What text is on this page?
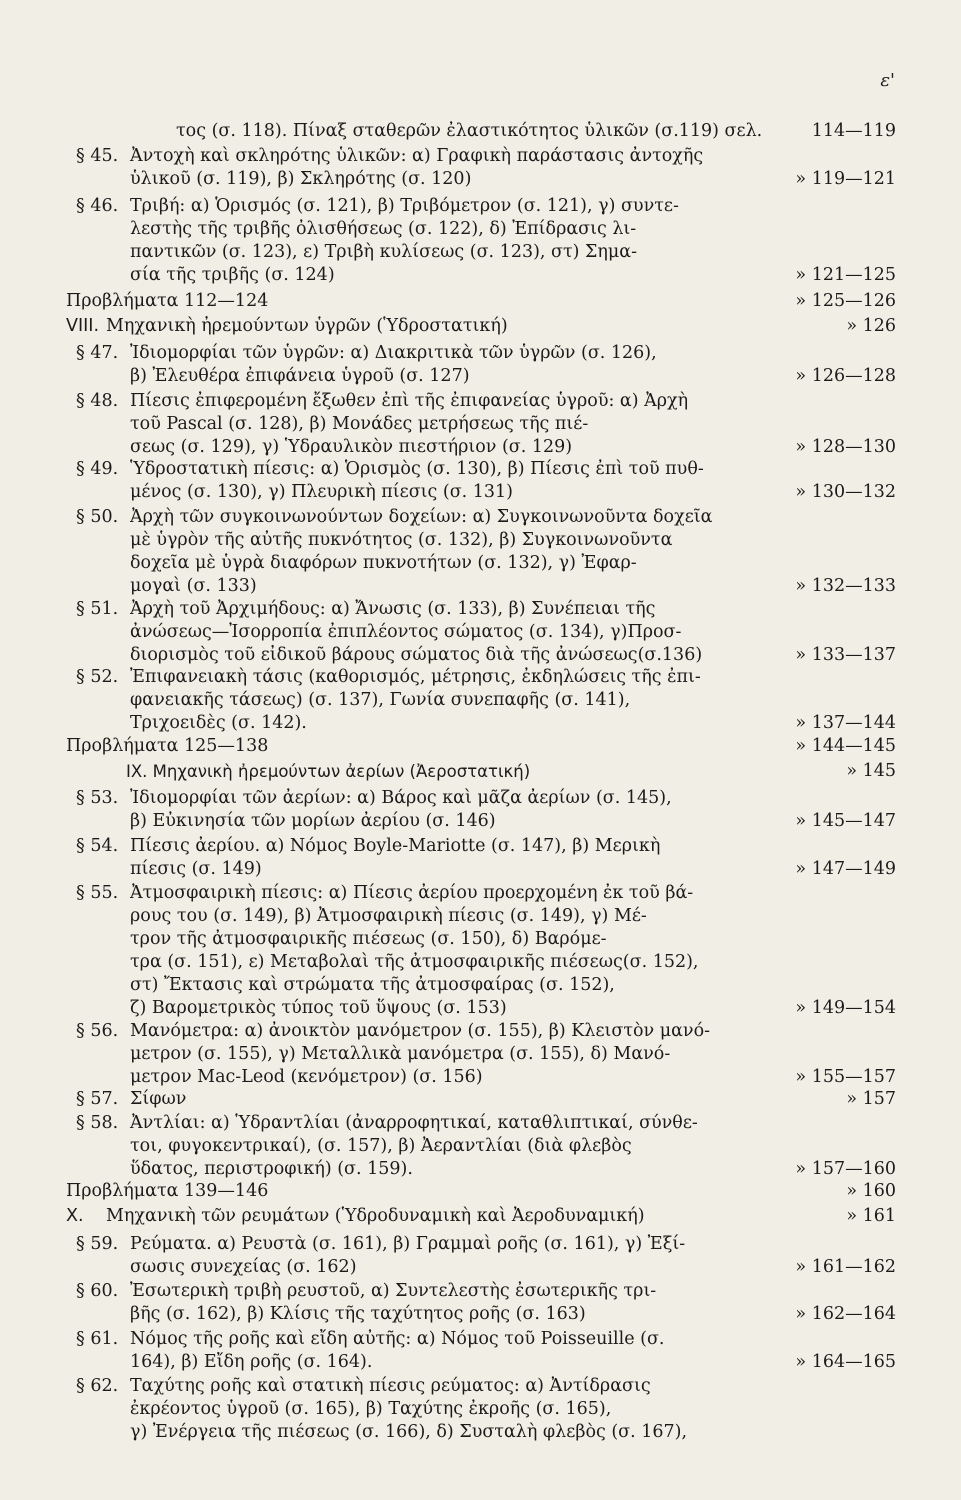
ε'
τος (σ. 118). Πίναξ σταθερῶν ἐλαστικότητος ὑλικῶν (σ.119) σελ.	114—119
§ 45. Ἀντοχὴ καὶ σκληρότης ὑλικῶν: α) Γραφικὴ παράστασις ἀντοχῆς
ὑλικοῦ (σ. 119), β) Σκληρότης (σ. 120)	» 119—121
§ 46. Τριβή: α) Ὁρισμός (σ. 121), β) Τριβόμετρον (σ. 121), γ) συντε-
λεστὴς τῆς τριβῆς ὀλισθήσεως (σ. 122), δ) Ἐπίδρασις λι-
παντικῶν (σ. 123), ε) Τριβὴ κυλίσεως (σ. 123), στ) Σημα-
σία τῆς τριβῆς (σ. 124)	» 121—125
Προβλήματα 112—124	» 125—126
VIII. Μηχανικὴ ἠρεμούντων ὑγρῶν (Ὑδροστατική)	» 126
§ 47. Ἰδιομορφίαι τῶν ὑγρῶν: α) Διακριτικὰ τῶν ὑγρῶν (σ. 126),
β) Ἐλευθέρα ἐπιφάνεια ὑγροῦ (σ. 127)	» 126—128
§ 48. Πίεσις ἐπιφερομένη ἔξωθεν ἐπὶ τῆς ἐπιφανείας ὑγροῦ: α) Ἀρχὴ
τοῦ Pascal (σ. 128), β) Μονάδες μετρήσεως τῆς πιέ-
σεως (σ. 129), γ) Ὑδραυλικὸν πιεστήριον (σ. 129)	» 128—130
§ 49. Ὑδροστατικὴ πίεσις: α) Ὁρισμὸς (σ. 130), β) Πίεσις ἐπὶ τοῦ πυθ-
μένος (σ. 130), γ) Πλευρικὴ πίεσις (σ. 131)	» 130—132
§ 50. Ἀρχὴ τῶν συγκοινωνούντων δοχείων: α) Συγκοινωνοῦντα δοχεῖα
μὲ ὑγρὸν τῆς αὐτῆς πυκνότητος (σ. 132), β) Συγκοινωνοῦντα
δοχεῖα μὲ ὑγρὰ διαφόρων πυκνοτήτων (σ. 132), γ) Ἐφαρ-
μογαὶ (σ. 133)	» 132—133
§ 51. Ἀρχὴ τοῦ Ἀρχιμήδους: α) Ἄνωσις (σ. 133), β) Συνέπειαι τῆς
ἀνώσεως—Ἰσορροπία ἐπιπλέοντος σώματος (σ. 134), γ)Προσ-
διορισμὸς τοῦ εἰδικοῦ βάρους σώματος διὰ τῆς ἀνώσεως(σ.136)	» 133—137
§ 52. Ἐπιφανειακὴ τάσις (καθορισμός, μέτρησις, ἐκδηλώσεις τῆς ἐπι-
φανειακῆς τάσεως) (σ. 137), Γωνία συνεπαφῆς (σ. 141),
Τριχοειδὲς (σ. 142).	» 137—144
Προβλήματα 125—138	» 144—145
IX. Μηχανικὴ ἠρεμούντων ἀερίων (Ἀεροστατική)	» 145
§ 53. Ἰδιομορφίαι τῶν ἀερίων: α) Βάρος καὶ μᾶζα ἀερίων (σ. 145),
β) Εὐκινησία τῶν μορίων ἀερίου (σ. 146)	» 145—147
§ 54. Πίεσις ἀερίου. α) Νόμος Boyle-Mariotte (σ. 147), β) Μερικὴ
πίεσις (σ. 149)	» 147—149
§ 55. Ἀτμοσφαιρικὴ πίεσις: α) Πίεσις ἀερίου προερχομένη ἐκ τοῦ βά-
ρους του (σ. 149), β) Ἀτμοσφαιρικὴ πίεσις (σ. 149), γ) Μέ-
τρον τῆς ἀτμοσφαιρικῆς πιέσεως (σ. 150), δ) Βαρόμε-
τρα (σ. 151), ε) Μεταβολαὶ τῆς ἀτμοσφαιρικῆς πιέσεως(σ. 152),
στ) Ἔκτασις καὶ στρώματα τῆς ἀτμοσφαίρας (σ. 152),
ζ) Βαρομετρικὸς τύπος τοῦ ὕψους (σ. 153)	» 149—154
§ 56. Μανόμετρα: α) ἀνοικτὸν μανόμετρον (σ. 155), β) Κλειστὸν μανό-
μετρον (σ. 155), γ) Μεταλλικὰ μανόμετρα (σ. 155), δ) Μανό-
μετρον Mac-Leod (κενόμετρον) (σ. 156)	» 155—157
§ 57. Σίφων	» 157
§ 58. Ἀντλίαι: α) Ὑδραντλίαι (ἀναρροφητικαί, καταθλιπτικαί, σύνθε-
τοι, φυγοκεντρικαί), (σ. 157), β) Ἀεραντλίαι (διὰ φλεβὸς
ὕδατος, περιστροφική) (σ. 159).	» 157—160
Προβλήματα 139—146	» 160
X. Μηχανικὴ τῶν ρευμάτων (Ὑδροδυναμικὴ καὶ Ἀεροδυναμική)	» 161
§ 59. Ρεύματα. α) Ρευστὰ (σ. 161), β) Γραμμαὶ ροῆς (σ. 161), γ) Ἐξί-
σωσις συνεχείας (σ. 162)	» 161—162
§ 60. Ἐσωτερικὴ τριβὴ ρευστοῦ, α) Συντελεστὴς ἐσωτερικῆς τρι-
βῆς (σ. 162), β) Κλίσις τῆς ταχύτητος ροῆς (σ. 163)	» 162—164
§ 61. Νόμος τῆς ροῆς καὶ εἴδη αὐτῆς: α) Νόμος τοῦ Poisseuille (σ.
164), β) Εἴδη ροῆς (σ. 164).	» 164—165
§ 62. Ταχύτης ροῆς καὶ στατικὴ πίεσις ρεύματος: α) Ἀντίδρασις
ἐκρέοντος ὑγροῦ (σ. 165), β) Ταχύτης ἐκροῆς (σ. 165),
γ) Ἐνέργεια τῆς πιέσεως (σ. 166), δ) Συσταλὴ φλεβὸς (σ. 167),
